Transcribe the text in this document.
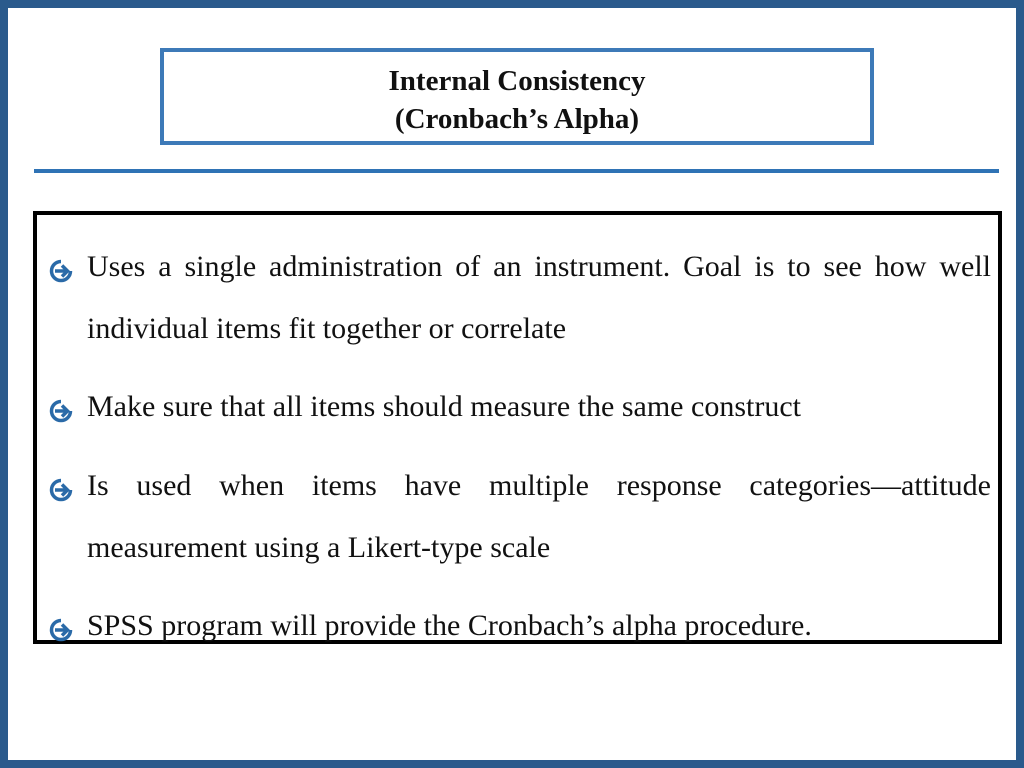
Internal Consistency
(Cronbach’s Alpha)
Uses a single administration of an instrument. Goal is to see how well individual items fit together or correlate
Make sure that all items should measure the same construct
Is used when items have multiple response categories—attitude measurement using a Likert-type scale
SPSS program will provide the Cronbach’s alpha procedure.
